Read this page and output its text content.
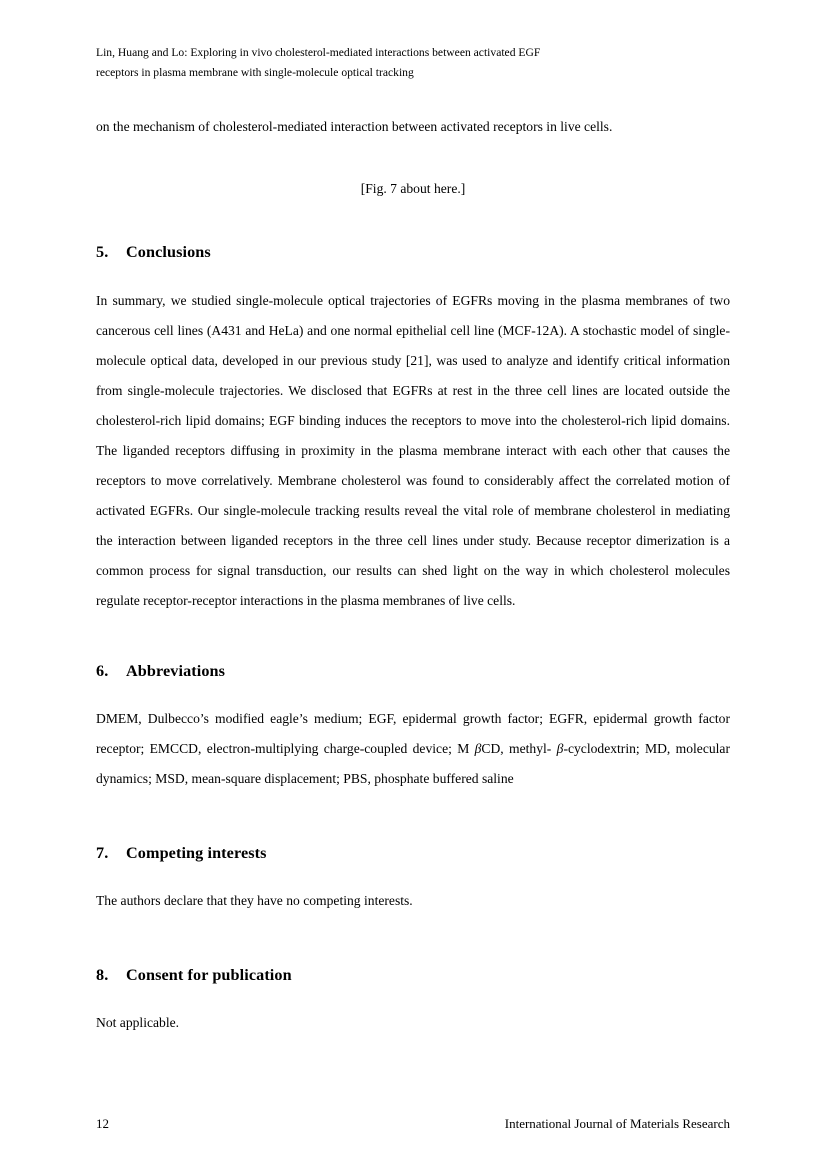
Lin, Huang and Lo: Exploring in vivo cholesterol-mediated interactions between activated EGF
receptors in plasma membrane with single-molecule optical tracking

on the mechanism of cholesterol-mediated interaction between activated receptors in live cells.

[Fig. 7 about here.]

5.	Conclusions

In summary, we studied single-molecule optical trajectories of EGFRs moving in the plasma membranes of two cancerous cell lines (A431 and HeLa) and one normal epithelial cell line (MCF-12A). A stochastic model of single-molecule optical data, developed in our previous study [21], was used to analyze and identify critical information from single-molecule trajectories. We disclosed that EGFRs at rest in the three cell lines are located outside the cholesterol-rich lipid domains; EGF binding induces the receptors to move into the cholesterol-rich lipid domains. The liganded receptors diffusing in proximity in the plasma membrane interact with each other that causes the receptors to move correlatively. Membrane cholesterol was found to considerably affect the correlated motion of activated EGFRs. Our single-molecule tracking results reveal the vital role of membrane cholesterol in mediating the interaction between liganded receptors in the three cell lines under study. Because receptor dimerization is a common process for signal transduction, our results can shed light on the way in which cholesterol molecules regulate receptor-receptor interactions in the plasma membranes of live cells.

6.	Abbreviations

DMEM, Dulbecco’s modified eagle’s medium; EGF, epidermal growth factor; EGFR, epidermal growth factor receptor; EMCCD, electron-multiplying charge-coupled device; M βCD, methyl- β-cyclodextrin; MD, molecular dynamics; MSD, mean-square displacement; PBS, phosphate buffered saline

7.	Competing interests

The authors declare that they have no competing interests.

8.	Consent for publication

Not applicable.

12	International Journal of Materials Research
